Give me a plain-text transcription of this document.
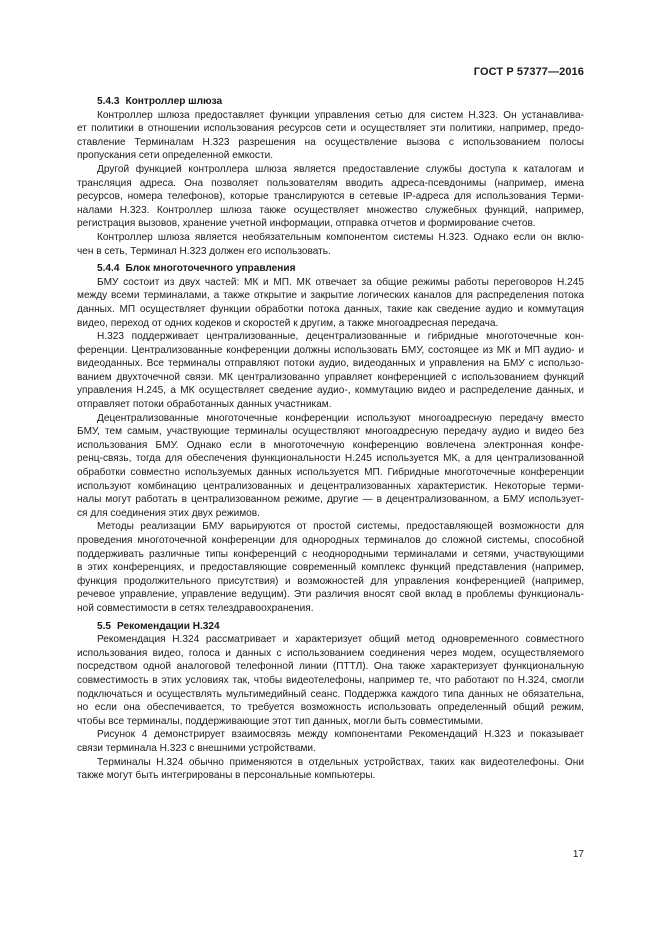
ГОСТ Р 57377—2016
5.4.3 Контроллер шлюза

Контроллер шлюза предоставляет функции управления сетью для систем H.323. Он устанавлива-
ет политики в отношении использования ресурсов сети и осуществляет эти политики, например, предо-
ставление Терминалам H.323 разрешения на осуществление вызова с использованием полосы
пропускания сети определенной емкости.

Другой функцией контроллера шлюза является предоставление службы доступа к каталогам и
трансляция адреса. Она позволяет пользователям вводить адреса-псевдонимы (например, имена
ресурсов, номера телефонов), которые транслируются в сетевые IP-адреса для использования Терми-
налами H.323. Контроллер шлюза также осуществляет множество служебных функций, например,
регистрация вызовов, хранение учетной информации, отправка отчетов и формирование счетов.

Контроллер шлюза является необязательным компонентом системы H.323. Однако если он вклю-
чен в сеть, Терминал H.323 должен его использовать.

5.4.4 Блок многоточечного управления

БМУ состоит из двух частей: МК и МП. МК отвечает за общие режимы работы переговоров H.245
между всеми терминалами, а также открытие и закрытие логических каналов для распределения потока
данных. МП осуществляет функции обработки потока данных, такие как сведение аудио и коммутация
видео, переход от одних кодеков и скоростей к другим, а также многоадресная передача.

H.323 поддерживает централизованные, децентрализованные и гибридные многоточечные кон-
ференции. Централизованные конференции должны использовать БМУ, состоящее из МК и МП аудио- и
видеоданных. Все терминалы отправляют потоки аудио, видеоданных и управления на БМУ с использо-
ванием двухточечной связи. МК централизованно управляет конференцией с использованием функций
управления H.245, а МК осуществляет сведение аудио-, коммутацию видео и распределение данных, и
отправляет потоки обработанных данных участникам.

Децентрализованные многоточечные конференции используют многоадресную передачу вместо
БМУ, тем самым, участвующие терминалы осуществляют многоадресную передачу аудио и видео без
использования БМУ. Однако если в многоточечную конференцию вовлечена электронная конфе-
ренц-связь, тогда для обеспечения функциональности H.245 используется МК, а для централизованной
обработки совместно используемых данных используется МП. Гибридные многоточечные конференции
используют комбинацию централизованных и децентрализованных характеристик. Некоторые терми-
налы могут работать в централизованном режиме, другие — в децентрализованном, а БМУ использует-
ся для соединения этих двух режимов.

Методы реализации БМУ варьируются от простой системы, предоставляющей возможности для
проведения многоточечной конференции для однородных терминалов до сложной системы, способной
поддерживать различные типы конференций с неоднородными терминалами и сетями, участвующими
в этих конференциях, и предоставляющие современный комплекс функций представления (например,
функция продолжительного присутствия) и возможностей для управления конференцией (например,
речевое управление, управление ведущим). Эти различия вносят свой вклад в проблемы функциональ-
ной совместимости в сетях телездравоохранения.

5.5 Рекомендации H.324

Рекомендация H.324 рассматривает и характеризует общий метод одновременного совместного
использования видео, голоса и данных с использованием соединения через модем, осуществляемого
посредством одной аналоговой телефонной линии (ПТТЛ). Она также характеризует функциональную
совместимость в этих условиях так, чтобы видеотелефоны, например те, что работают по H.324, смогли
подключаться и осуществлять мультимедийный сеанс. Поддержка каждого типа данных не обязательна,
но если она обеспечивается, то требуется возможность использовать определенный общий режим,
чтобы все терминалы, поддерживающие этот тип данных, могли быть совместимыми.

Рисунок 4 демонстрирует взаимосвязь между компонентами Рекомендаций H.323 и показывает
связи терминала H.323 с внешними устройствами.

Терминалы H.324 обычно применяются в отдельных устройствах, таких как видеотелефоны. Они
также могут быть интегрированы в персональные компьютеры.

17
